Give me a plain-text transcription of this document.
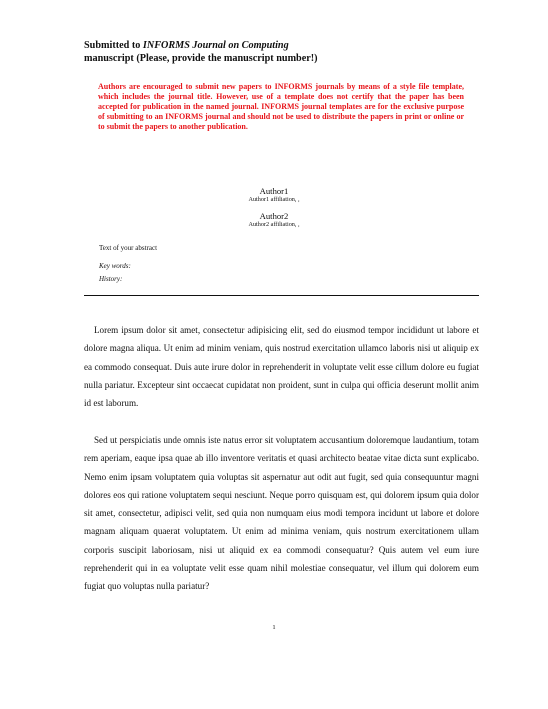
Submitted to INFORMS Journal on Computing
manuscript (Please, provide the manuscript number!)
Authors are encouraged to submit new papers to INFORMS journals by means of a style file template, which includes the journal title. However, use of a template does not certify that the paper has been accepted for publication in the named journal. INFORMS journal templates are for the exclusive purpose of submitting to an INFORMS journal and should not be used to distribute the papers in print or online or to submit the papers to another publication.
Author1
Author1 affiliation, ,
Author2
Author2 affiliation, ,
Text of your abstract
Key words:
History:

Lorem ipsum dolor sit amet, consectetur adipisicing elit, sed do eiusmod tempor incididunt ut labore et dolore magna aliqua. Ut enim ad minim veniam, quis nostrud exercitation ullamco laboris nisi ut aliquip ex ea commodo consequat. Duis aute irure dolor in reprehenderit in voluptate velit esse cillum dolore eu fugiat nulla pariatur. Excepteur sint occaecat cupidatat non proident, sunt in culpa qui officia deserunt mollit anim id est laborum.

Sed ut perspiciatis unde omnis iste natus error sit voluptatem accusantium doloremque laudantium, totam rem aperiam, eaque ipsa quae ab illo inventore veritatis et quasi architecto beatae vitae dicta sunt explicabo. Nemo enim ipsam voluptatem quia voluptas sit aspernatur aut odit aut fugit, sed quia consequuntur magni dolores eos qui ratione voluptatem sequi nesciunt. Neque porro quisquam est, qui dolorem ipsum quia dolor sit amet, consectetur, adipisci velit, sed quia non numquam eius modi tempora incidunt ut labore et dolore magnam aliquam quaerat voluptatem. Ut enim ad minima veniam, quis nostrum exercitationem ullam corporis suscipit laboriosam, nisi ut aliquid ex ea commodi consequatur? Quis autem vel eum iure reprehenderit qui in ea voluptate velit esse quam nihil molestiae consequatur, vel illum qui dolorem eum fugiat quo voluptas nulla pariatur?

1
